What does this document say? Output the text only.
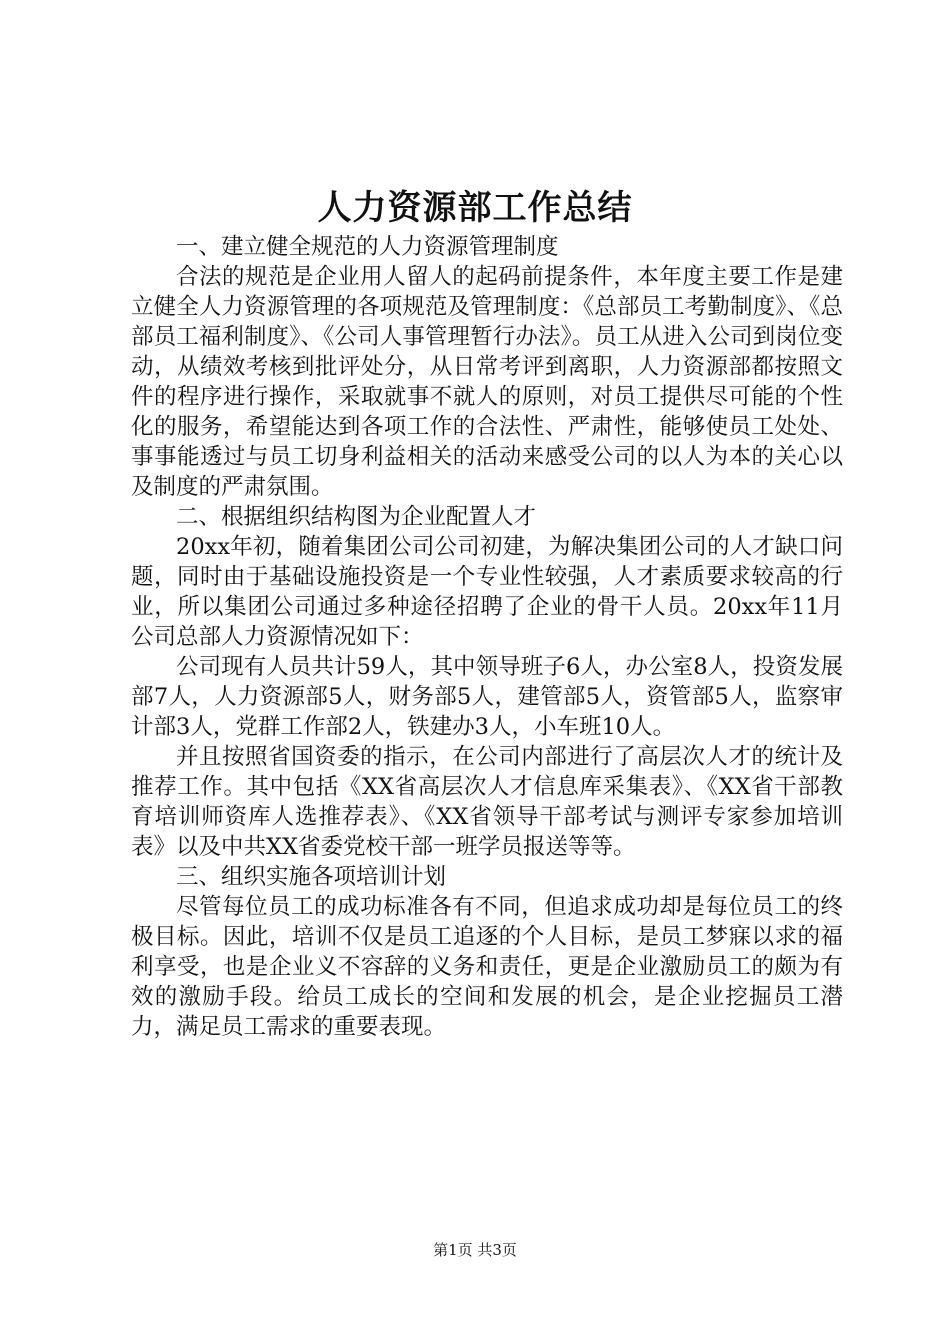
人力资源部工作总结

一、建立健全规范的人力资源管理制度

合法的规范是企业用人留人的起码前提条件，本年度主要工作是建立健全人力资源管理的各项规范及管理制度：《总部员工考勤制度》、《总部员工福利制度》、《公司人事管理暂行办法》。员工从进入公司到岗位变动，从绩效考核到批评处分，从日常考评到离职，人力资源部都按照文件的程序进行操作，采取就事不就人的原则，对员工提供尽可能的个性化的服务，希望能达到各项工作的合法性、严肃性，能够使员工处处、事事能透过与员工切身利益相关的活动来感受公司的以人为本的关心以及制度的严肃氛围。

二、根据组织结构图为企业配置人才

20xx年初，随着集团公司公司初建，为解决集团公司的人才缺口问题，同时由于基础设施投资是一个专业性较强，人才素质要求较高的行业，所以集团公司通过多种途径招聘了企业的骨干人员。20xx年11月公司总部人力资源情况如下：

公司现有人员共计59人，其中领导班子6人，办公室8人，投资发展部7人，人力资源部5人，财务部5人，建管部5人，资管部5人，监察审计部3人，党群工作部2人，铁建办3人，小车班10人。

并且按照省国资委的指示，在公司内部进行了高层次人才的统计及推荐工作。其中包括《XX省高层次人才信息库采集表》、《XX省干部教育培训师资库人选推荐表》、《XX省领导干部考试与测评专家参加培训表》以及中共XX省委党校干部一班学员报送等等。

三、组织实施各项培训计划

尽管每位员工的成功标准各有不同，但追求成功却是每位员工的终极目标。因此，培训不仅是员工追逐的个人目标，是员工梦寐以求的福利享受，也是企业义不容辞的义务和责任，更是企业激励员工的颇为有效的激励手段。给员工成长的空间和发展的机会，是企业挖掘员工潜力，满足员工需求的重要表现。

第1页 共3页
